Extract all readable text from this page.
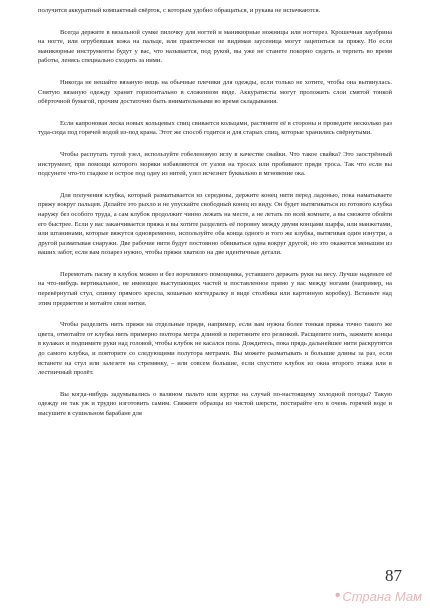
получится аккуратный компактный свёрток, с которым удобно обращаться, и рукава не испачкаются.

Всегда держите в вязальной сумке пилочку для ногтей и маникюрные ножницы или ногтерез. Крошечная заузбрина на ногте, или огрубевшая кожа на пальце, или практически не видимая заусеница могут зацепиться за пряжу. Но если маникюрные инструменты будут у вас, что называется, под рукой, вы уже не станете покорно сидеть и терпеть во время работы, ленясь специально сходить за ними.

Никогда не вешайте вязаную вещь на обычные плечики для одежды, если только не хотите, чтобы она вытянулась. Снятую вязаную одежду хранят горизонтально в сложенном виде. Аккуратисты могут проложить слои смятой тонкой обёрточной бумагой, прочим достаточно быть внимательными во время складывания.

Если капроновая леска новых кольцевых спиц свивается кольцами, растяните её в стороны и проведите несколько раз туда-сюда под горячей водой из-под крана. Этот же способ годится и для старых спиц, которые хранились свёрнутыми.

Чтобы распутать тугой узел, используйте гобеленовую иглу в качестве свайки. Что такое свайка? Это заострённый инструмент, при помощи которого моряки избавляются от узлов на тросах или пробивают пряди троса. Так что если вы подсунете что-то гладкое и острое под одну из нитей, узел исчезнет буквально в мгновение ока.

Для получения клубка, который разматывается из середины, держите конец нити перед ладонью, пока наматываете пряжу вокруг пальцев. Делайте это рыхло и не упускайте свободный конец из виду. Он будет вытягиваться из готового клубка наружу без особого труда, а сам клубок продолжит чинно лежать на месте, а не летать по всей комнате, а вы сможете обойти его быстрее. Если у вас заканчивается пряжа и вы хотите разделить её поровну между двумя концами шарфа, или манжетами, или штанинами, которые вяжутся одновременно, используйте оба конца одного и того же клубка, вытягивая один изнутри, а другой разматывая снаружи. Две рабочие нити будут постоянно обвиваться одна вокруг другой, но это окажется меньшим из ваших забот, если вам позарез нужно, чтобы пряжи хватило на две идентичные детали.

Перемотать пасму в клубок можно и без ворчливого помощника, уставшего держать руки на весу. Лучше наденьте её на что-нибудь вертикальное, не имеющее выступающих частей и поставленное прямо у вас между ногами (например, на перевёрнутый стул, спинку прямого кресла, кошачью когтедралку в виде столбика или картонную коробку). Встаньте над этим предметом и мотайте свои нитки.

Чтобы разделить нить пряжи на отдельные пряди, например, если вам нужна более тонкая пряжа точно такого же цвета, отмотайте от клубка нить примерно полтора метра длиной и перетяните его резинкой. Расщепите нить, зажмите концы в кулаках и подпимите руки над головой, чтобы клубок не касался пола. Дождитесь, пока прядь дальнейшее нити раскрутятся до самого клубка, и повторите со следующими полутора метрами. Вы можете разматывать и большие длины за раз, если встанете на стул или залезете на стремянку, – или совсем большие, если спустите клубок из окна второго этажа или в лестничный пролёт.

Вы когда-нибудь задумывались о валяном пальто или куртке на случай по-настоящему холодной погоды? Такую одежду не так уж и трудно изготовить самим. Свяжите образцы из чистой шерсти, постирайте его в очень горячей воде и высушите в сушильном барабане для

87
• Страна Мам
